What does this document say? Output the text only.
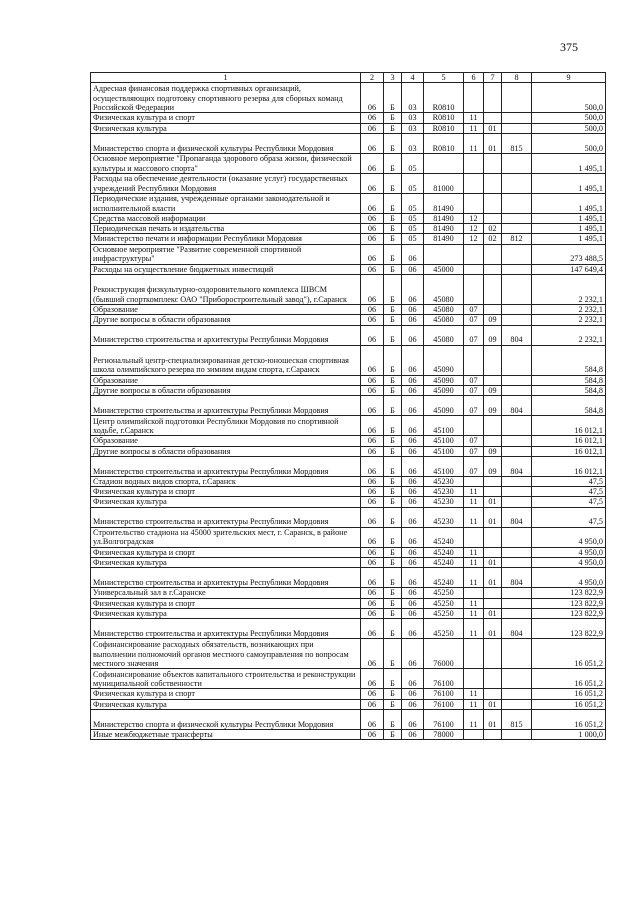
375
1	2	3	4	5	6	7	8	9
Адресная финансовая поддержка спортивных организаций, осуществляющих подготовку спортивного резерва для сборных команд Российской Федерации	06	Б	03	R0810				500,0
Физическая культура и спорт	06	Б	03	R0810	11			500,0
Физическая культура	06	Б	03	R0810	11	01		500,0
Министерство спорта и физической культуры Республики Мордовия	06	Б	03	R0810	11	01	815	500,0
Основное мероприятие "Пропаганда здорового образа жизни, физической культуры и массового спорта"	06	Б	05					1 495,1
Расходы на обеспечение деятельности (оказание услуг) государственных учреждений Республики Мордовия	06	Б	05	81000				1 495,1
Периодические издания, учрежденные органами законодательной и исполнительной власти	06	Б	05	81490				1 495,1
Средства массовой информации	06	Б	05	81490	12			1 495,1
Периодическая печать и издательства	06	Б	05	81490	12	02		1 495,1
Министерство печати и информации Республики Мордовия	06	Б	05	81490	12	02	812	1 495,1
Основное мероприятие "Развитие современной спортивной инфраструктуры"	06	Б	06					273 488,5
Расходы на осуществление бюджетных инвестиций	06	Б	06	45000				147 649,4
Реконструкция физкультурно-оздоровительного комплекса ШВСМ (бывший спорткомплекс ОАО "Приборостроительный завод"), г.Саранск	06	Б	06	45080				2 232,1
Образование	06	Б	06	45080	07			2 232,1
Другие вопросы в области образования	06	Б	06	45080	07	09		2 232,1
Министерство строительства и архитектуры Республики Мордовия	06	Б	06	45080	07	09	804	2 232,1
Региональный центр-специализированная детско-юношеская спортивная школа олимпийского резерва по зимним видам спорта, г.Саранск	06	Б	06	45090				584,8
Образование	06	Б	06	45090	07			584,8
Другие вопросы в области образования	06	Б	06	45090	07	09		584,8
Министерство строительства и архитектуры Республики Мордовия	06	Б	06	45090	07	09	804	584,8
Центр олимпийской подготовки Республики Мордовия по спортивной ходьбе, г.Саранск	06	Б	06	45100				16 012,1
Образование	06	Б	06	45100	07			16 012,1
Другие вопросы в области образования	06	Б	06	45100	07	09		16 012,1
Министерство строительства и архитектуры Республики Мордовия	06	Б	06	45100	07	09	804	16 012,1
Стадион водных видов спорта, г.Саранск	06	Б	06	45230				47,5
Физическая культура и спорт	06	Б	06	45230	11			47,5
Физическая культура	06	Б	06	45230	11	01		47,5
Министерство строительства и архитектуры Республики Мордовия	06	Б	06	45230	11	01	804	47,5
Строительство стадиона на 45000 зрительских мест, г. Саранск, в районе ул.Волгоградская	06	Б	06	45240				4 950,0
Физическая культура и спорт	06	Б	06	45240	11			4 950,0
Физическая культура	06	Б	06	45240	11	01		4 950,0
Министерство строительства и архитектуры Республики Мордовия	06	Б	06	45240	11	01	804	4 950,0
Универсальный зал в г.Саранске	06	Б	06	45250				123 822,9
Физическая культура и спорт	06	Б	06	45250	11			123 822,9
Физическая культура	06	Б	06	45250	11	01		123 822,9
Министерство строительства и архитектуры Республики Мордовия	06	Б	06	45250	11	01	804	123 822,9
Софинансирование расходных обязательств, возникающих при выполнении полномочий органов местного самоуправления по вопросам местного значения	06	Б	06	76000				16 051,2
Софинансирование объектов капитального строительства и реконструкции муниципальной собственности	06	Б	06	76100				16 051,2
Физическая культура и спорт	06	Б	06	76100	11			16 051,2
Физическая культура	06	Б	06	76100	11	01		16 051,2
Министерство спорта и физической культуры Республики Мордовия	06	Б	06	76100	11	01	815	16 051,2
Иные межбюджетные трансферты	06	Б	06	78000				1 000,0
